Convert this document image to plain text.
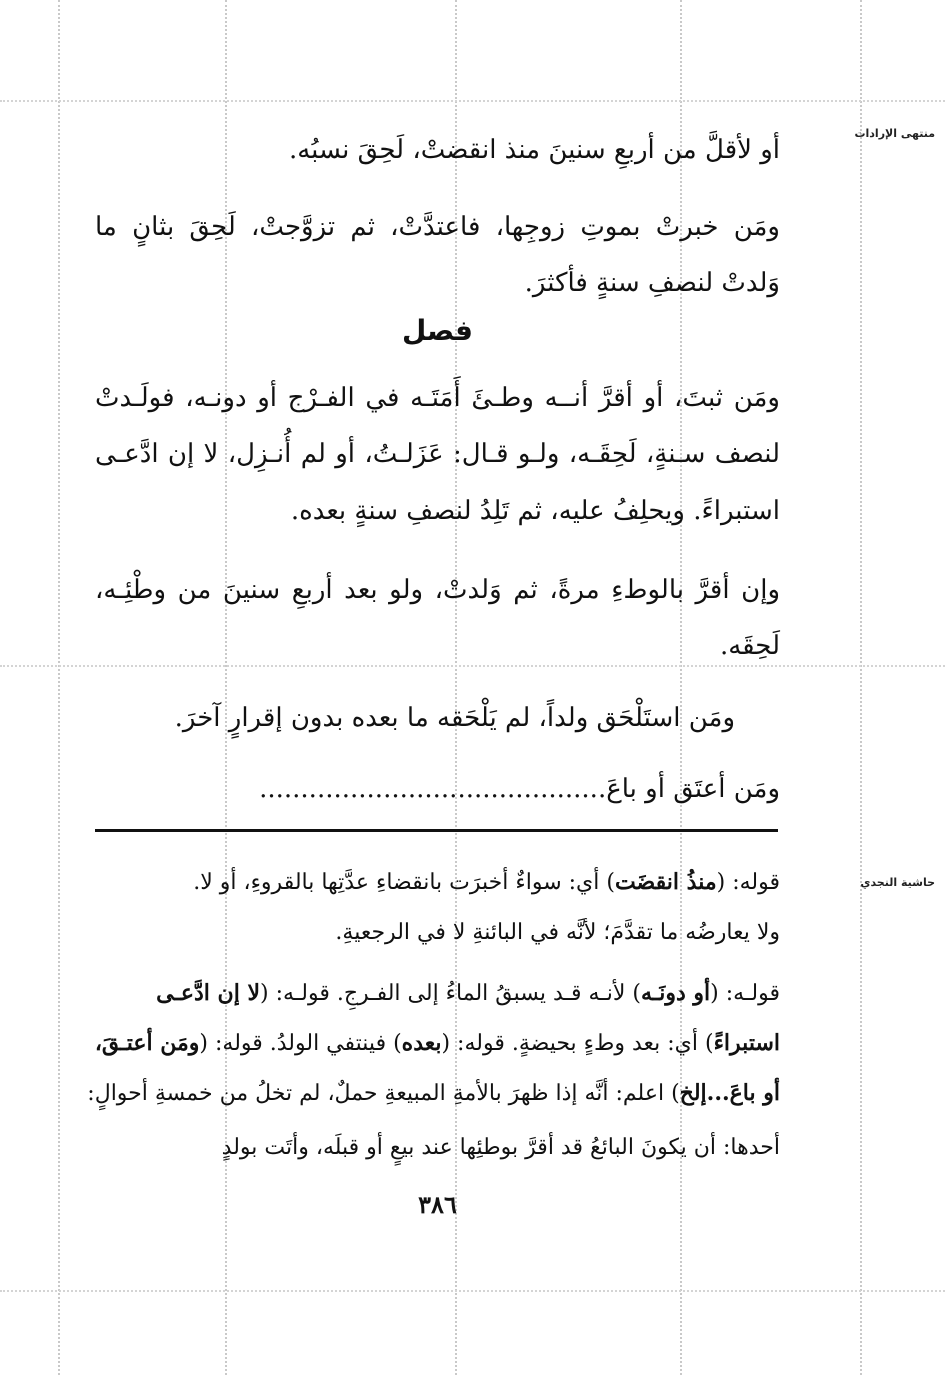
منتهى الإرادات
حاشية النجدي
أو لأقلَّ من أربعِ سنينَ منذ انقضتْ، لَحِقَ نسبُه.
ومَن خبرتْ بموتِ زوجِها، فاعتدَّتْ، ثم تزوَّجتْ، لَحِقَ بثانٍ ما
وَلدتْ لنصفِ سنةٍ فأكثرَ.
فصل
ومَن ثبتَ، أو أقرَّ أنــه وطـئَ أَمَتَـه في الفـرْج أو دونـه، فولَـدتْ
لنصف سـنةٍ، لَحِقَـه، ولـو قـال: عَزَلـتُ، أو لم أُنـزِل، لا إن ادَّعـى
استبراءً. ويحلِفُ عليه، ثم تَلِدُ لنصفِ سنةٍ بعده.
وإن أقرَّ بالوطءِ مرةً، ثم وَلدتْ، ولو بعد أربعِ سنينَ من وطْئِـه،
لَحِقَه.
ومَن استَلْحَق ولداً، لم يَلْحَقه ما بعده بدون إقرارٍ آخرَ.
ومَن أعتَق أو باعَ..........................................
قوله: (منذُ انقضَت) أي: سواءٌ أخبرَت بانقضاءِ عدَّتِها بالقروءِ، أو لا.
ولا يعارضُه ما تقدَّمَ؛ لأنَّه في البائنةِ لا في الرجعيةِ.
قولـه: (أو دونَـه) لأنـه قـد يسبقُ الماءُ إلى الفـرجِ. قولـه: (لا إن ادَّعـى
استبراءً) أي: بعد وطءٍ بحيضةٍ. قوله: (بعده) فينتفي الولدُ. قوله: (ومَن أعتـقَ،
أو باعَ...إلخ) اعلم: أنَّه إذا ظهرَ بالأمةِ المبيعةِ حملٌ، لم تخلُ من خمسةِ أحوالٍ:
أحدها: أن يكونَ البائعُ قد أقرَّ بوطئِها عند بيعٍ أو قبلَه، وأتَت بولدٍ
٣٨٦
